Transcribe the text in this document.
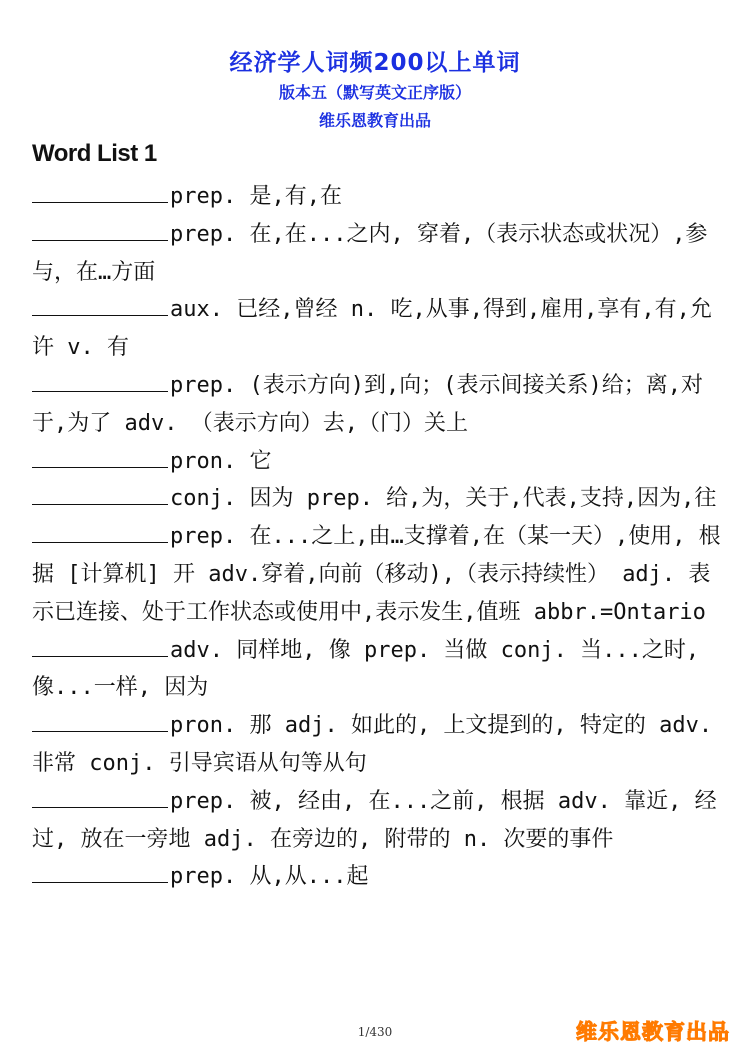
经济学人词频200以上单词
版本五（默写英文正序版）
维乐恩教育出品
Word List 1
prep. 是,有,在
prep. 在,在...之内, 穿着,（表示状态或状况）,参与，在…方面
aux. 已经,曾经 n. 吃,从事,得到,雇用,享有,有,允许 v. 有
prep. (表示方向)到,向；(表示间接关系)给；离,对于,为了 adv. （表示方向）去,（门）关上
pron. 它
conj. 因为 prep. 给,为，关于,代表,支持,因为,往
prep. 在...之上,由…支撑着,在（某一天）,使用, 根据 [计算机] 开 adv.穿着,向前（移动),（表示持续性） adj. 表示已连接、处于工作状态或使用中,表示发生,值班 abbr.=Ontario
adv. 同样地, 像 prep. 当做 conj. 当...之时, 像...一样, 因为
pron. 那 adj. 如此的, 上文提到的, 特定的 adv. 非常 conj. 引导宾语从句等从句
prep. 被, 经由, 在...之前, 根据 adv. 靠近, 经过, 放在一旁地 adj. 在旁边的, 附带的 n. 次要的事件
prep. 从,从...起
1/430	维乐恩教育出品
